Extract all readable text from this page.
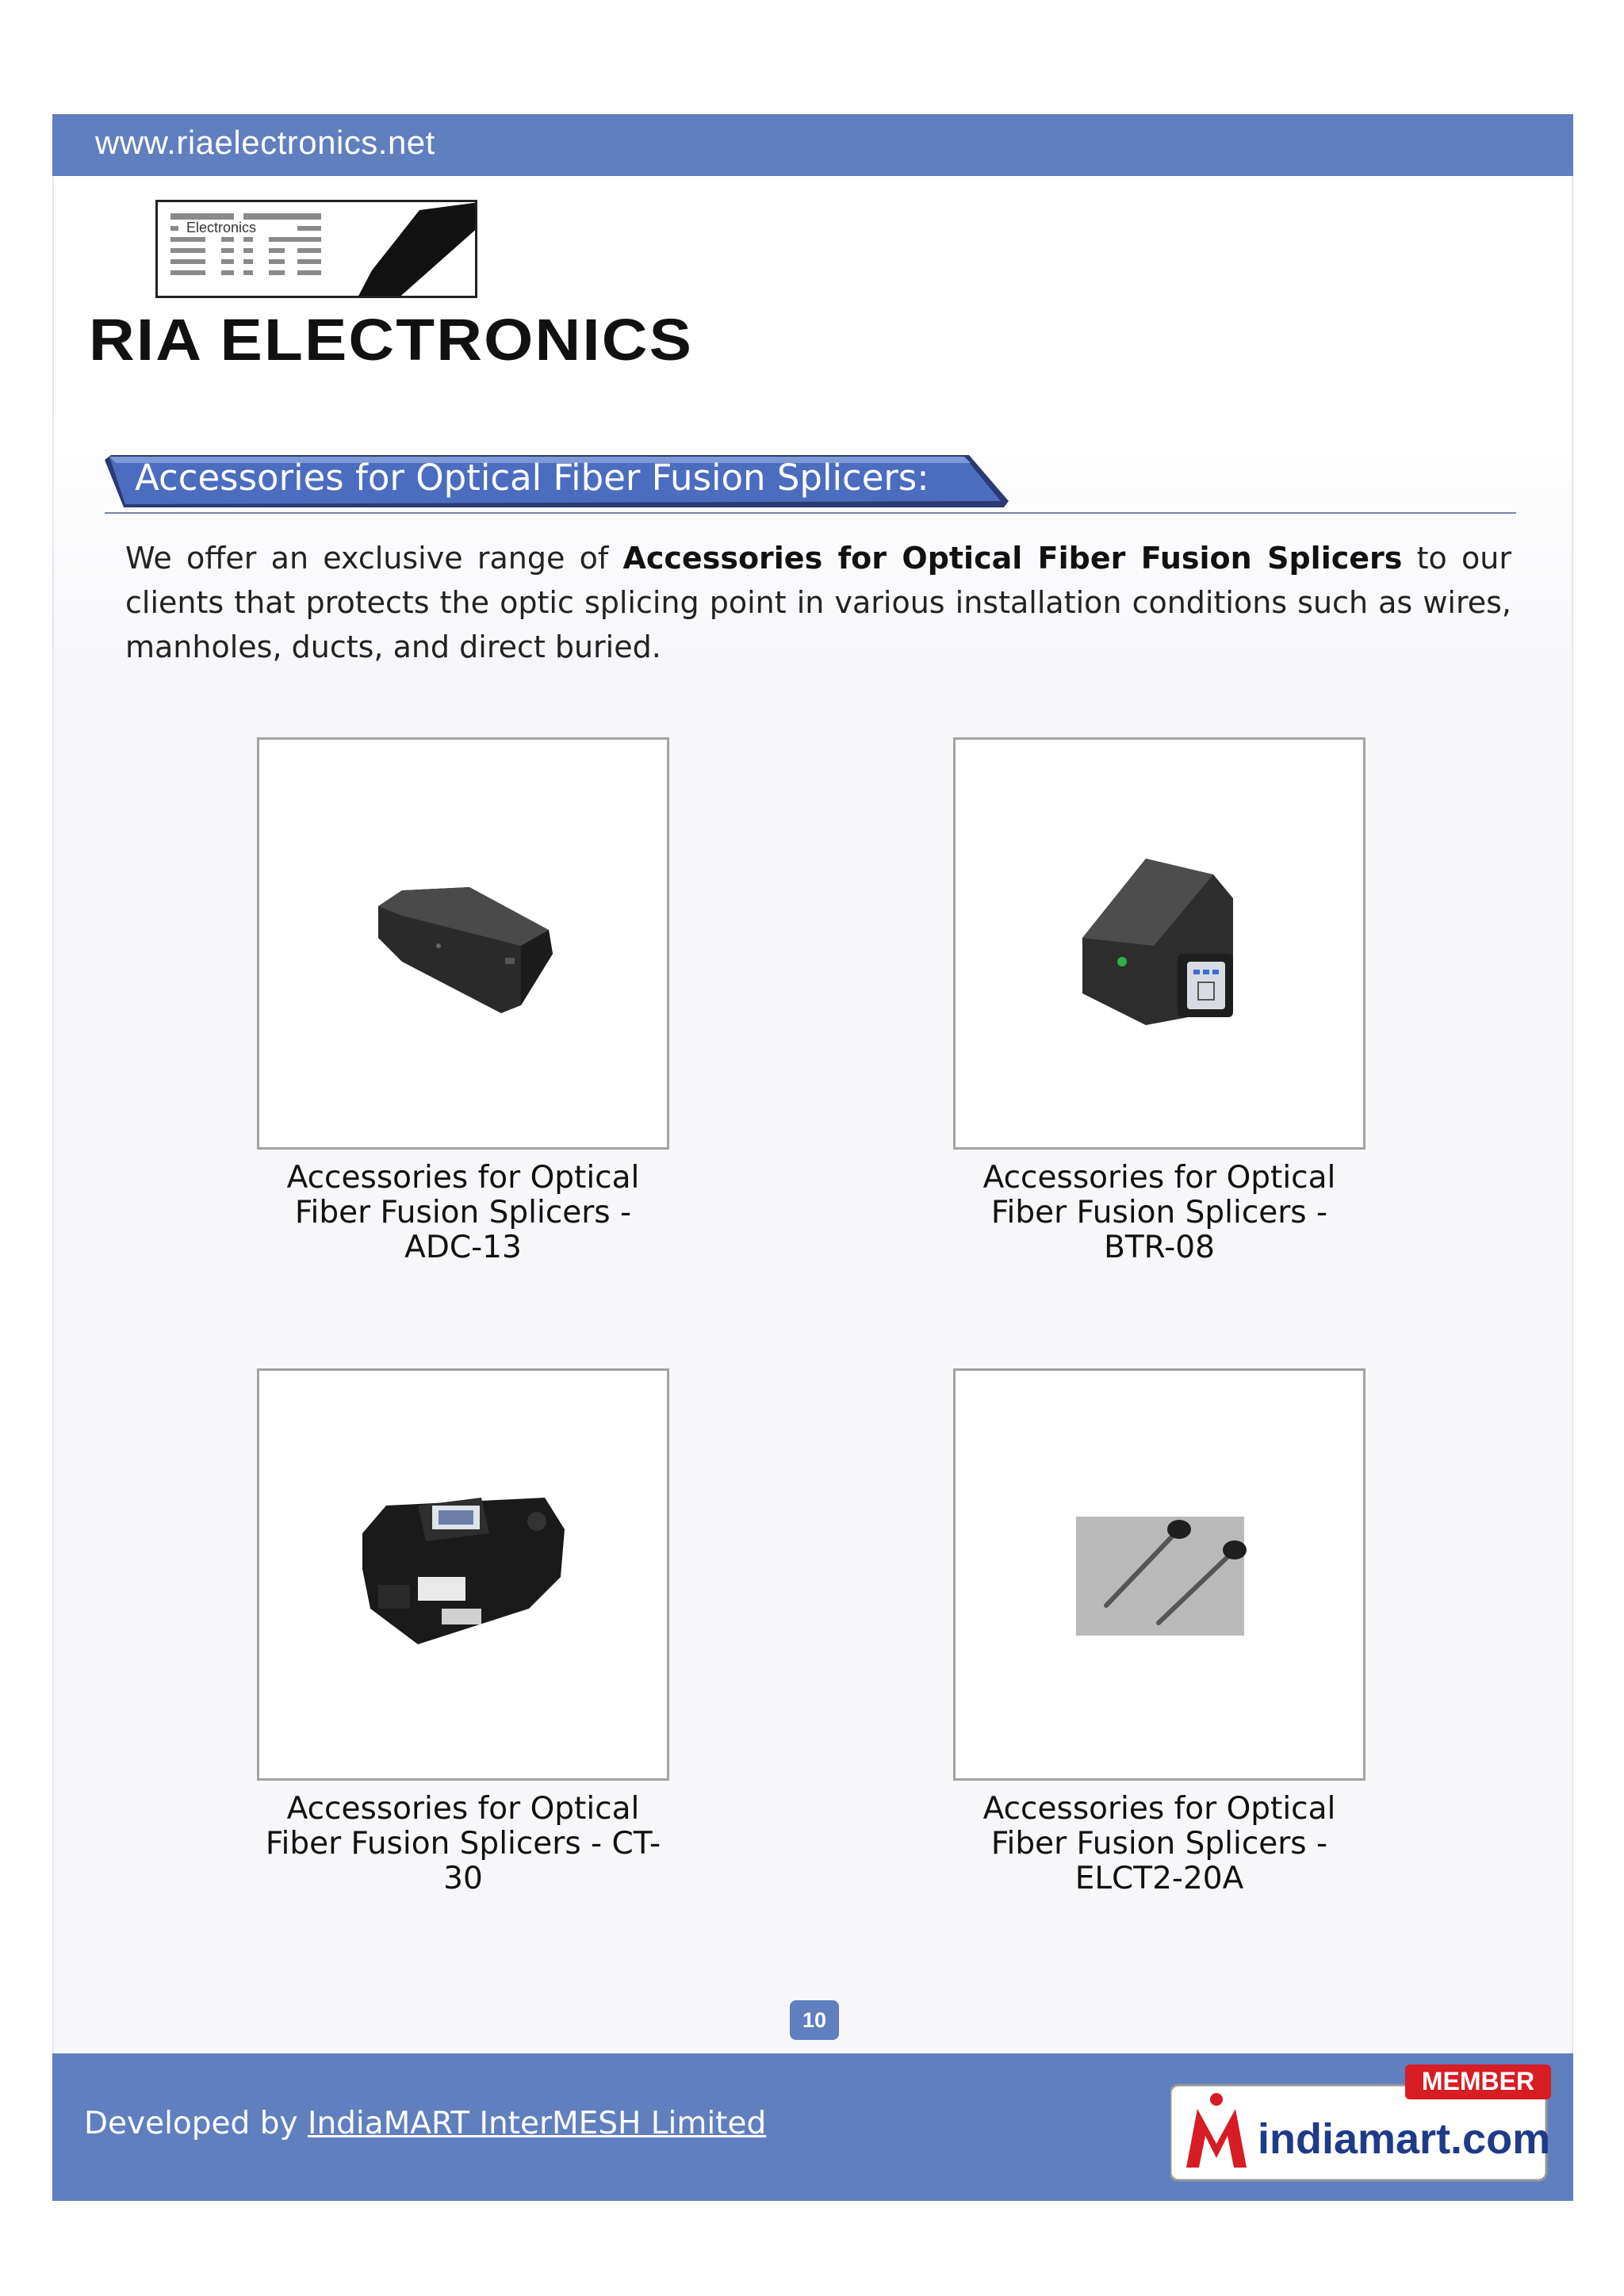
www.riaelectronics.net
Electronics
RIA ELECTRONICS
Accessories for Optical Fiber Fusion Splicers:
We offer an exclusive range of Accessories for Optical Fiber Fusion Splicers to our clients that protects the optic splicing point in various installation conditions such as wires, manholes, ducts, and direct buried.
Accessories for Optical
Fiber Fusion Splicers -
ADC-13
Accessories for Optical
Fiber Fusion Splicers -
BTR-08
Accessories for Optical
Fiber Fusion Splicers - CT-
30
Accessories for Optical
Fiber Fusion Splicers -
ELCT2-20A
10
Developed by IndiaMART InterMESH Limited
MEMBER
indiamart.com
